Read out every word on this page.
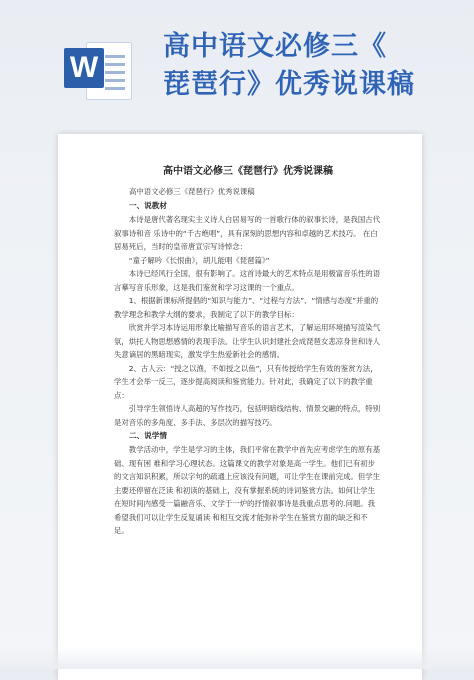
W
高中语文必修三《
琵琶行》优秀说课稿
高中语文必修三《琵琶行》优秀说课稿

高中语文必修三《琵琶行》优秀说课稿

一、说教材

本诗是唐代著名现实主义诗人白居易写的一首歌行体的叙事长诗，是我国古代叙事诗和音 乐诗中的“千古绝唱”，具有深刻的思想内容和卓越的艺术技巧。 在白居易死后，当时的皇帝唐宣宗写诗悼念：

“童子解吟《长恨曲》，胡儿能唱《琵琶篇》”

本诗已经风行全国，很有影响了。这首诗最大的艺术特点是用极富音乐性的语言摹写音乐形象，这是我们鉴赏和学习这课的一个重点。

1、根据新课标所提倡的“知识与能力”、“过程与方法”、“情感与态度”并重的教学理念和教学大纲的要求，我制定了以下的教学目标：

欣赏并学习本诗运用形象比喻描写音乐的语言艺术，了解运用环境描写渲染气氛，烘托人物思想感情的表现手法。让学生认识封建社会成琵琶女悲凉身世和诗人失意谪居的黑暗现实，激发学生热爱新社会的感情。

2、古人云：“授之以渔，不如授之以鱼”，只有传授给学生有效的鉴赏方法，学生才会举一反三，逐步提高阅读和鉴赏能力。针对此，我确定了以下的教学重点：

引导学生领悟诗人高超的写作技巧，包括明暗线结构、情景交融的特点，特别是对音乐的多角度、多手法、多层次的描写技巧。

二、说学情

教学活动中，学生是学习的主体，我们平常在教学中首先应考虑学生的原有基础、现有困 难和学习心理状态。这篇课文的教学对象是高一学生。他们已有初步的文言知识积累，所以字句的疏通上应该没有问题，可让学生在课前完成。但学生主要还停留在泛读 和初读的基础上，没有掌握系统的诗词鉴赏方法。如何让学生在短时间内感受一篇融音乐、文学于一炉的抒情叙事诗是我重点思考的.问题。我希望我们可以让学生反复诵读 和相互交流才能弥补学生在鉴赏方面的缺乏和不足。
